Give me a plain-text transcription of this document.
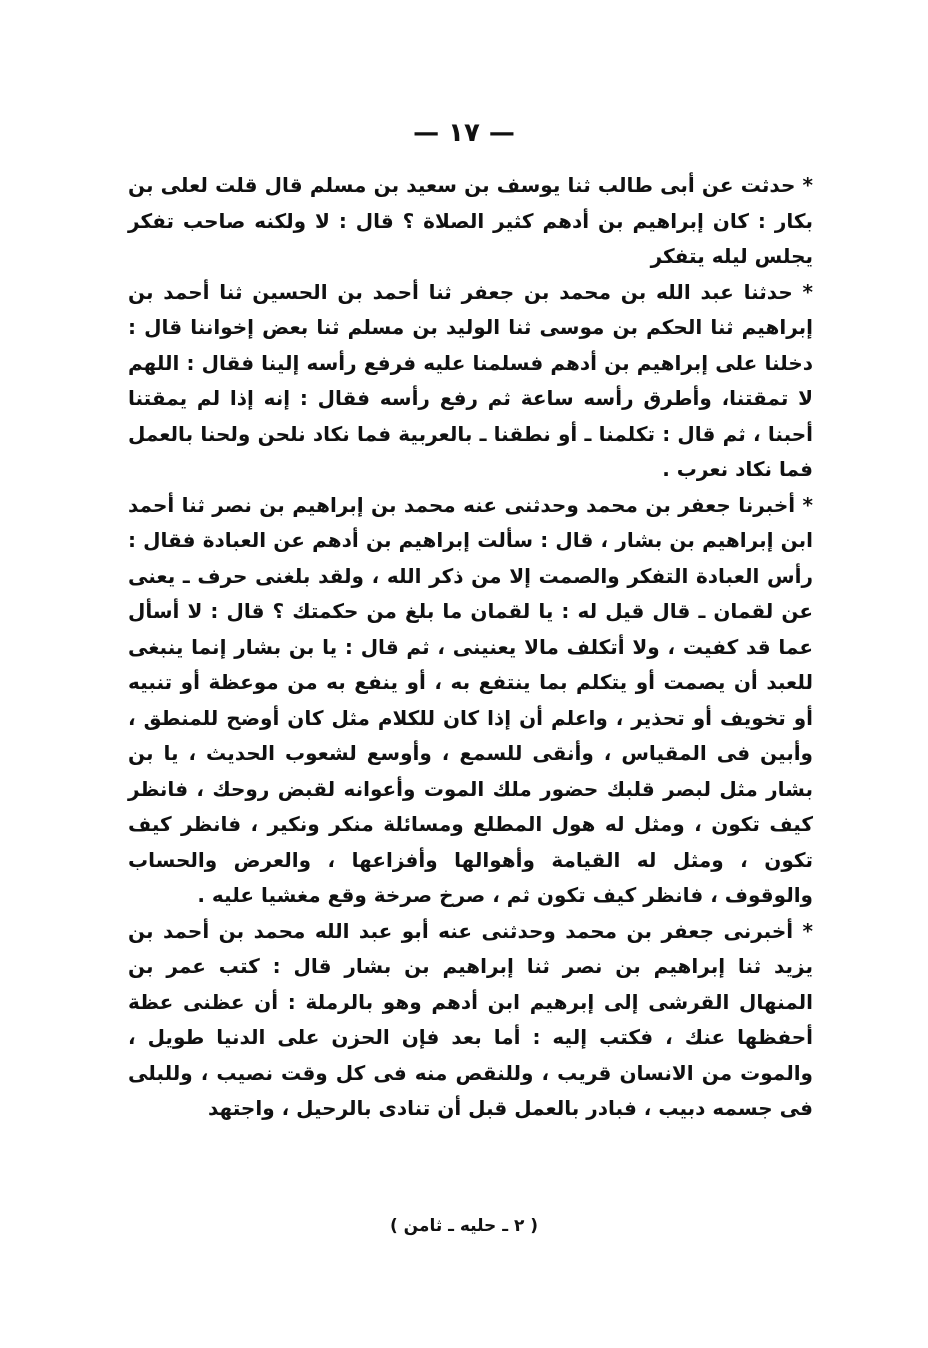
— ١٧ —

* حدثت عن أبى طالب ثنا يوسف بن سعيد بن مسلم قال قلت لعلى بن بكار : كان إبراهيم بن أدهم كثير الصلاة ؟ قال : لا ولكنه صاحب تفكر يجلس ليله يتفكر

* حدثنا عبد الله بن محمد بن جعفر ثنا أحمد بن الحسين ثنا أحمد بن إبراهيم ثنا الحكم بن موسى ثنا الوليد بن مسلم ثنا بعض إخواننا قال : دخلنا على إبراهيم بن أدهم فسلمنا عليه فرفع رأسه إلينا فقال : اللهم لا تمقتنا، وأطرق رأسه ساعة ثم رفع رأسه فقال : إنه إذا لم يمقتنا أحبنا ، ثم قال : تكلمنا ـ أو نطقنا ـ بالعربية فما نكاد نلحن ولحنا بالعمل فما نكاد نعرب .

* أخبرنا جعفر بن محمد وحدثنى عنه محمد بن إبراهيم بن نصر ثنا أحمد ابن إبراهيم بن بشار ، قال : سألت إبراهيم بن أدهم عن العبادة فقال : رأس العبادة التفكر والصمت إلا من ذكر الله ، ولقد بلغنى حرف ـ يعنى عن لقمان ـ قال قيل له : يا لقمان ما بلغ من حكمتك ؟ قال : لا أسأل عما قد كفيت ، ولا أتكلف مالا يعنينى ، ثم قال : يا بن بشار إنما ينبغى للعبد أن يصمت أو يتكلم بما ينتفع به ، أو ينفع به من موعظة أو تنبيه أو تخويف أو تحذير ، واعلم أن إذا كان للكلام مثل كان أوضح للمنطق ، وأبين فى المقياس ، وأنقى للسمع ، وأوسع لشعوب الحديث ، يا بن بشار مثل لبصر قلبك حضور ملك الموت وأعوانه لقبض روحك ، فانظر كيف تكون ، ومثل له هول المطلع ومسائلة منكر ونكير ، فانظر كيف تكون ، ومثل له القيامة وأهوالها وأفزاعها ، والعرض والحساب والوقوف ، فانظر كيف تكون ثم ، صرخ صرخة وقع مغشيا عليه .

* أخبرنى جعفر بن محمد وحدثنى عنه أبو عبد الله محمد بن أحمد بن يزيد ثنا إبراهيم بن نصر ثنا إبراهيم بن بشار قال : كتب عمر بن المنهال القرشى إلى إبرهيم ابن أدهم وهو بالرملة : أن عظنى عظة أحفظها عنك ، فكتب إليه : أما بعد فإن الحزن على الدنيا طويل ، والموت من الانسان قريب ، وللنقص منه فى كل وقت نصيب ، وللبلى فى جسمه دبيب ، فبادر بالعمل قبل أن تنادى بالرحيل ، واجتهد

( ٢ ـ حليه ـ ثامن )
